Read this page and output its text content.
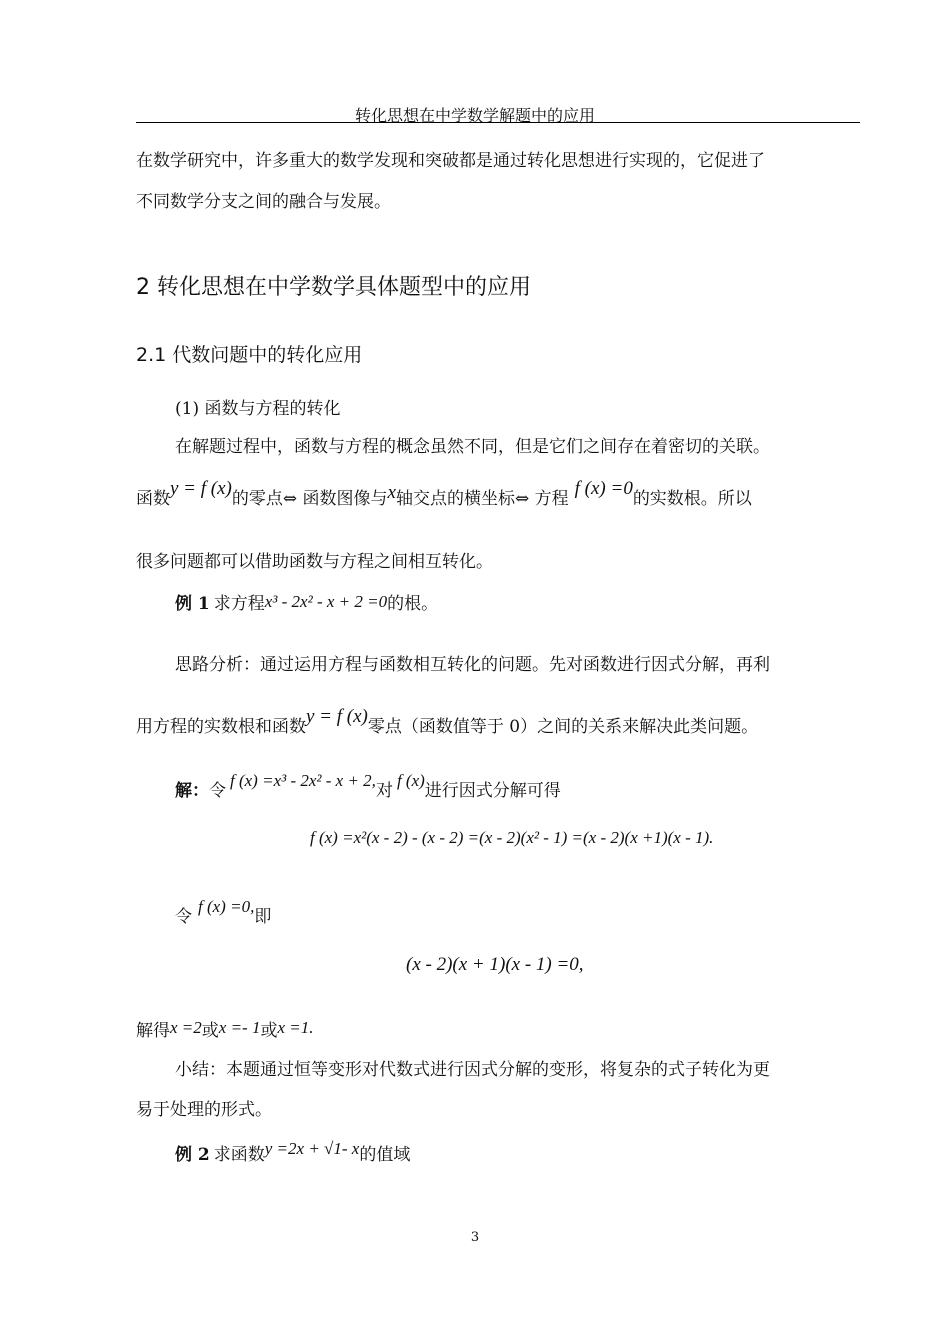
转化思想在中学数学解题中的应用
在数学研究中，许多重大的数学发现和突破都是通过转化思想进行实现的，它促进了
不同数学分支之间的融合与发展。
2 转化思想在中学数学具体题型中的应用
2.1 代数问题中的转化应用
(1) 函数与方程的转化
在解题过程中，函数与方程的概念虽然不同，但是它们之间存在着密切的关联。
函数y = f (x)的零点⇔ 函数图像与x轴交点的横坐标⇔ 方程 f (x) =0的实数根。所以
很多问题都可以借助函数与方程之间相互转化。
例 1 求方程x³ - 2x² - x + 2 =0的根。
思路分析：通过运用方程与函数相互转化的问题。先对函数进行因式分解，再利
用方程的实数根和函数y = f (x)零点（函数值等于 0）之间的关系来解决此类问题。
解：令f (x) =x³ - 2x² - x + 2,对f (x)进行因式分解可得
f (x) =x²(x - 2) - (x - 2) =(x - 2)(x² - 1) =(x - 2)(x +1)(x - 1).
令f (x) =0,即
(x - 2)(x + 1)(x - 1) =0,
解得x =2或x =- 1或x =1.
小结：本题通过恒等变形对代数式进行因式分解的变形，将复杂的式子转化为更
易于处理的形式。
例 2 求函数y =2x + √1- x的值域
3
